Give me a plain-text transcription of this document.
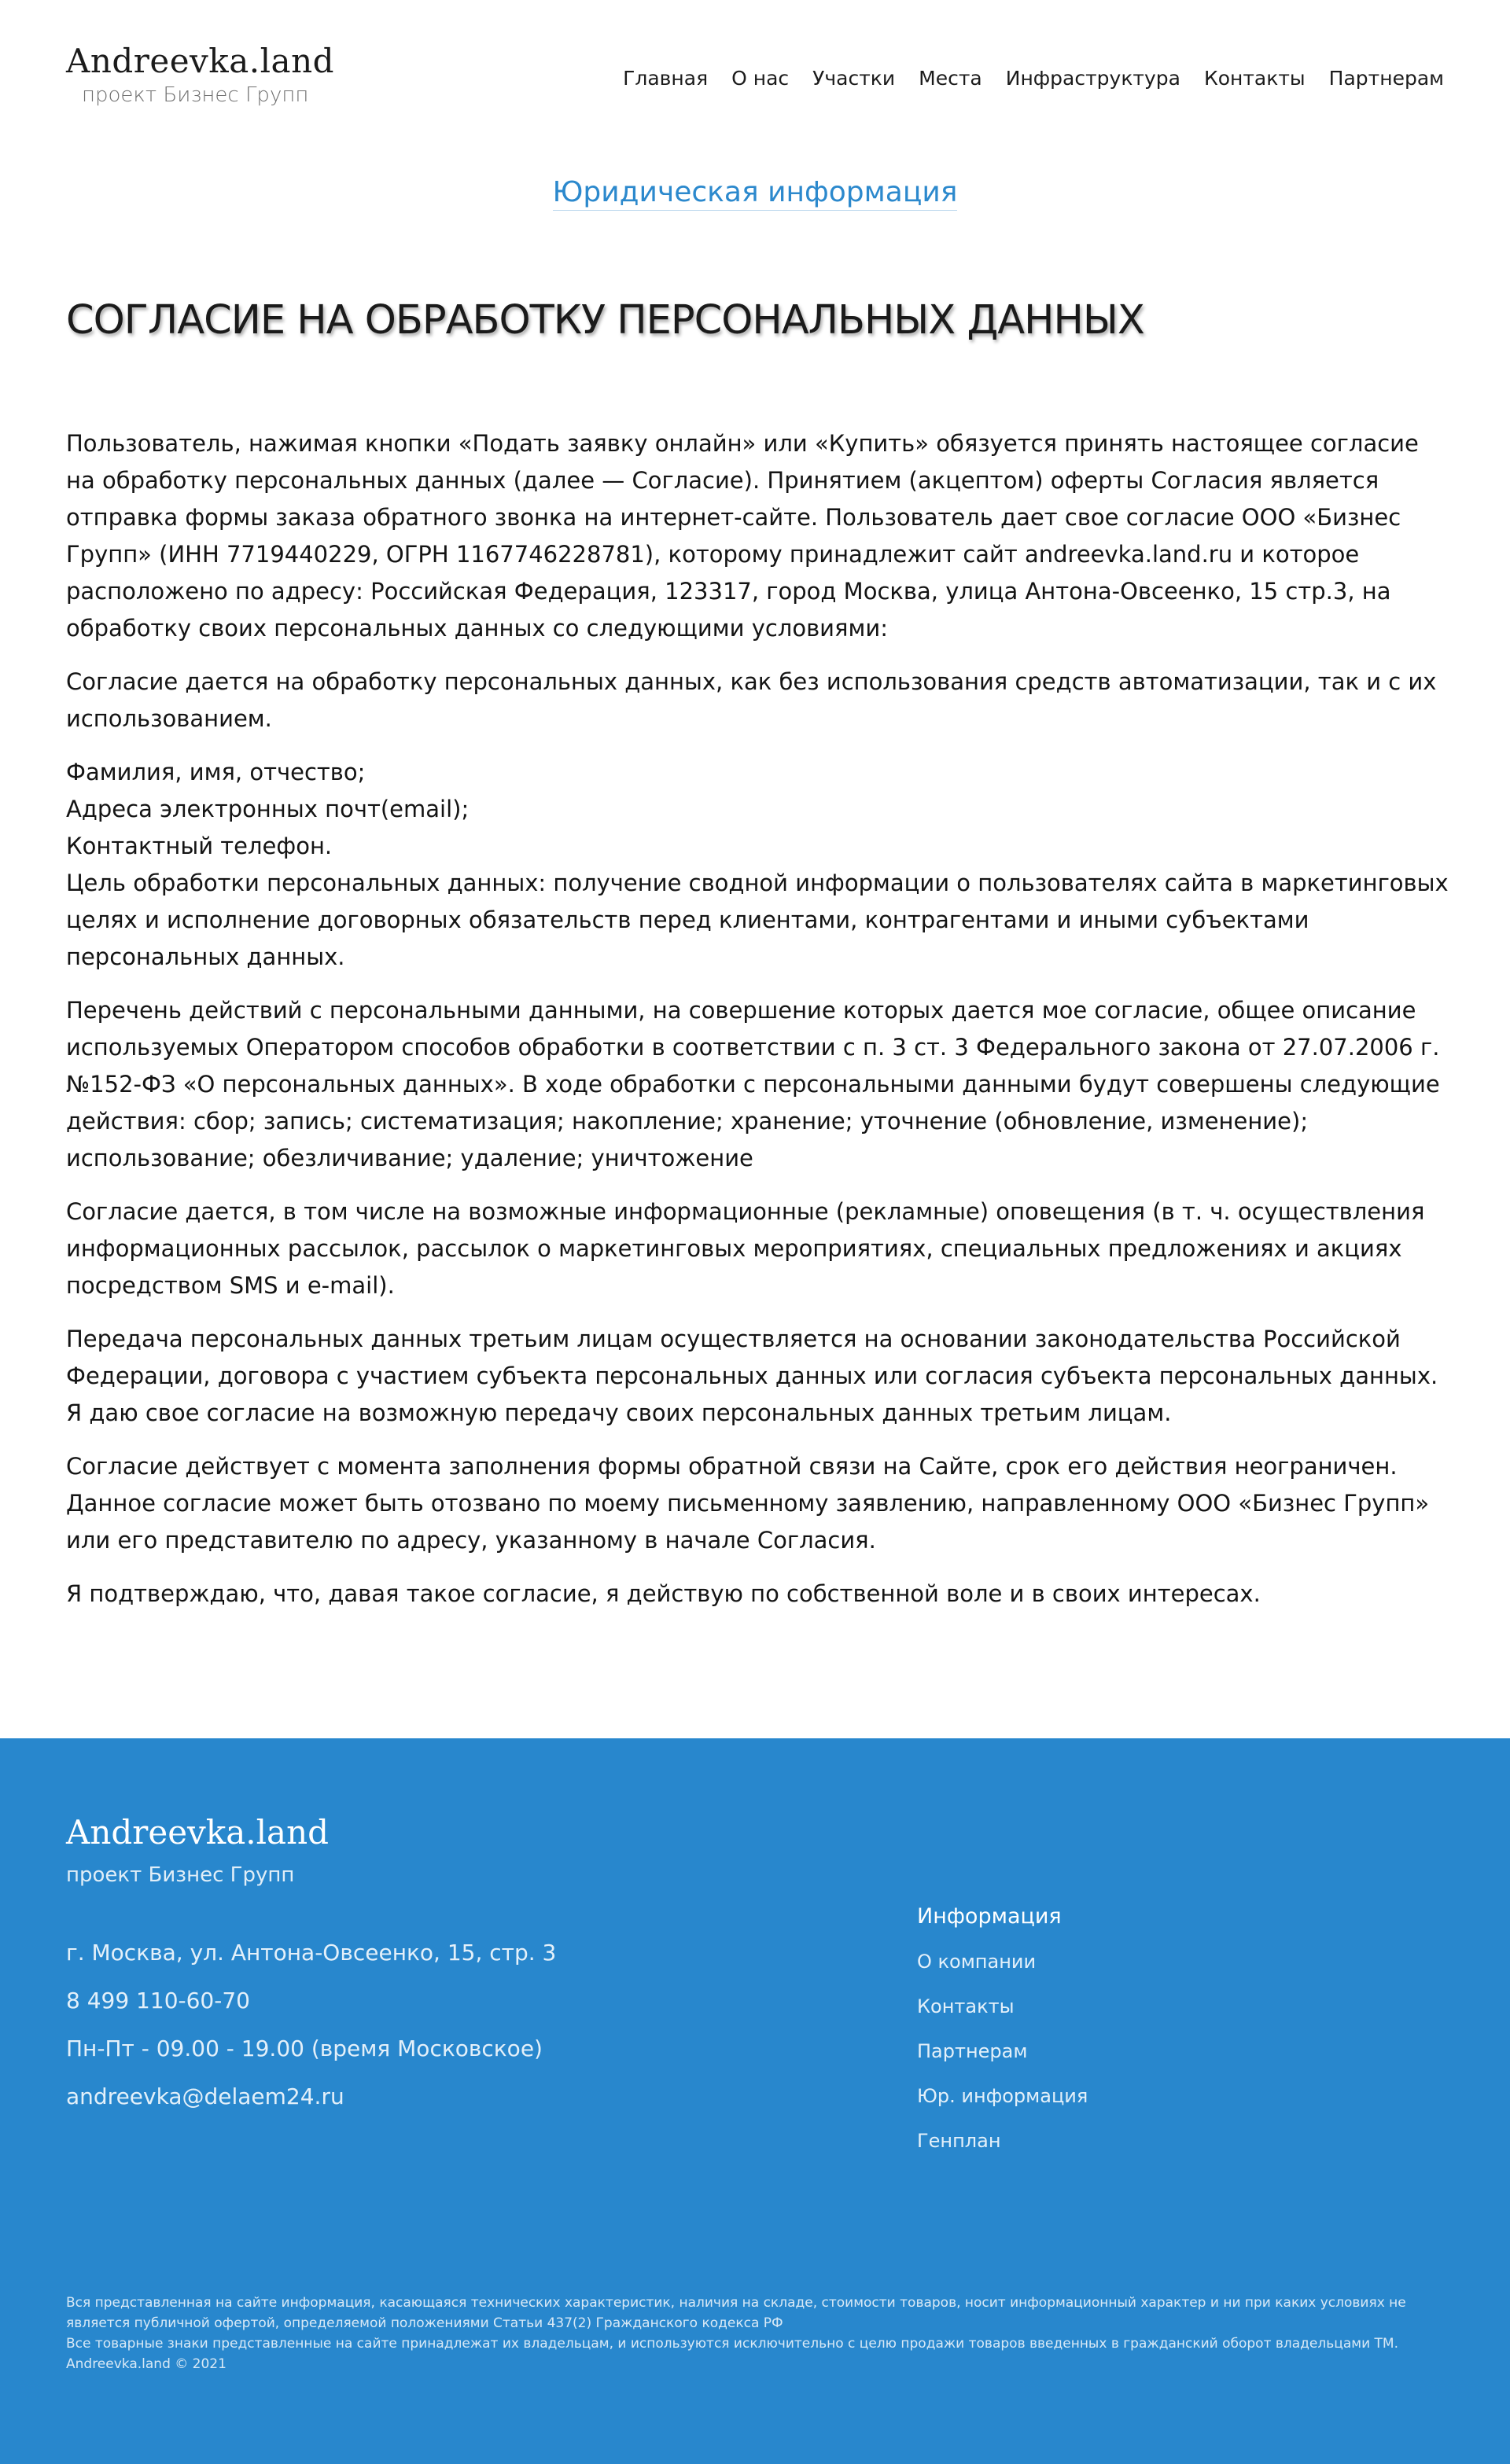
Andreevka.land
проект Бизнес Групп
Главная О нас Участки Места Инфраструктура Контакты Партнерам
Юридическая информация
СОГЛАСИЕ НА ОБРАБОТКУ ПЕРСОНАЛЬНЫХ ДАННЫХ

Пользователь, нажимая кнопки «Подать заявку онлайн» или «Купить» обязуется принять настоящее согласие на обработку персональных данных (далее — Согласие). Принятием (акцептом) оферты Согласия является отправка формы заказа обратного звонка на интернет-сайте. Пользователь дает свое согласие ООО «Бизнес Групп» (ИНН 7719440229, ОГРН 1167746228781), которому принадлежит сайт andreevka.land.ru и которое расположено по адресу: Российская Федерация, 123317, город Москва, улица Антона-Овсеенко, 15 стр.3, на обработку своих персональных данных со следующими условиями:

Согласие дается на обработку персональных данных, как без использования средств автоматизации, так и с их использованием.

Фамилия, имя, отчество;
Адреса электронных почт(email);
Контактный телефон.
Цель обработки персональных данных: получение сводной информации о пользователях сайта в маркетинговых целях и исполнение договорных обязательств перед клиентами, контрагентами и иными субъектами персональных данных.

Перечень действий с персональными данными, на совершение которых дается мое согласие, общее описание используемых Оператором способов обработки в соответствии с п. 3 ст. 3 Федерального закона от 27.07.2006 г. №152-ФЗ «О персональных данных». В ходе обработки с персональными данными будут совершены следующие действия: сбор; запись; систематизация; накопление; хранение; уточнение (обновление, изменение); использование; обезличивание; удаление; уничтожение

Согласие дается, в том числе на возможные информационные (рекламные) оповещения (в т. ч. осуществления информационных рассылок, рассылок о маркетинговых мероприятиях, специальных предложениях и акциях посредством SMS и e-mail).

Передача персональных данных третьим лицам осуществляется на основании законодательства Российской Федерации, договора с участием субъекта персональных данных или согласия субъекта персональных данных. Я даю свое согласие на возможную передачу своих персональных данных третьим лицам.

Согласие действует с момента заполнения формы обратной связи на Сайте, срок его действия неограничен. Данное согласие может быть отозвано по моему письменному заявлению, направленному ООО «Бизнес Групп» или его представителю по адресу, указанному в начале Согласия.

Я подтверждаю, что, давая такое согласие, я действую по собственной воле и в своих интересах.

Andreevka.land
проект Бизнес Групп
г. Москва, ул. Антона-Овсеенко, 15, стр. 3
8 499 110-60-70
Пн-Пт - 09.00 - 19.00 (время Московское)
andreevka@delaem24.ru
Информация
О компании
Контакты
Партнерам
Юр. информация
Генплан
Вся представленная на сайте информация, касающаяся технических характеристик, наличия на складе, стоимости товаров, носит информационный характер и ни при каких условиях не является публичной офертой, определяемой положениями Статьи 437(2) Гражданского кодекса РФ
Все товарные знаки представленные на сайте принадлежат их владельцам, и используются исключительно с целю продажи товаров введенных в гражданский оборот владельцами ТМ.
Andreevka.land © 2021
